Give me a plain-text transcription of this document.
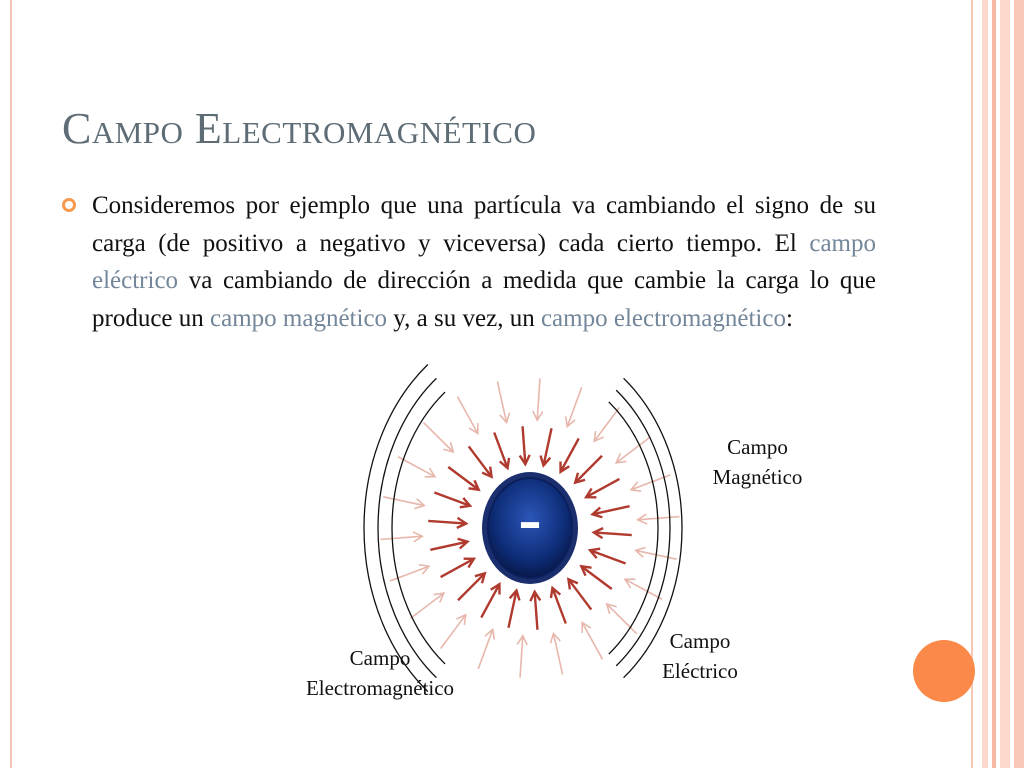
Campo Electromagnético

Consideremos por ejemplo que una partícula va cambiando el signo de su carga (de positivo a negativo y viceversa) cada cierto tiempo. El campo eléctrico va cambiando de dirección a medida que cambie la carga lo que produce un campo magnético y, a su vez, un campo electromagnético:

–
Campo
Magnético
Campo
Eléctrico
Campo
Electromagnético
